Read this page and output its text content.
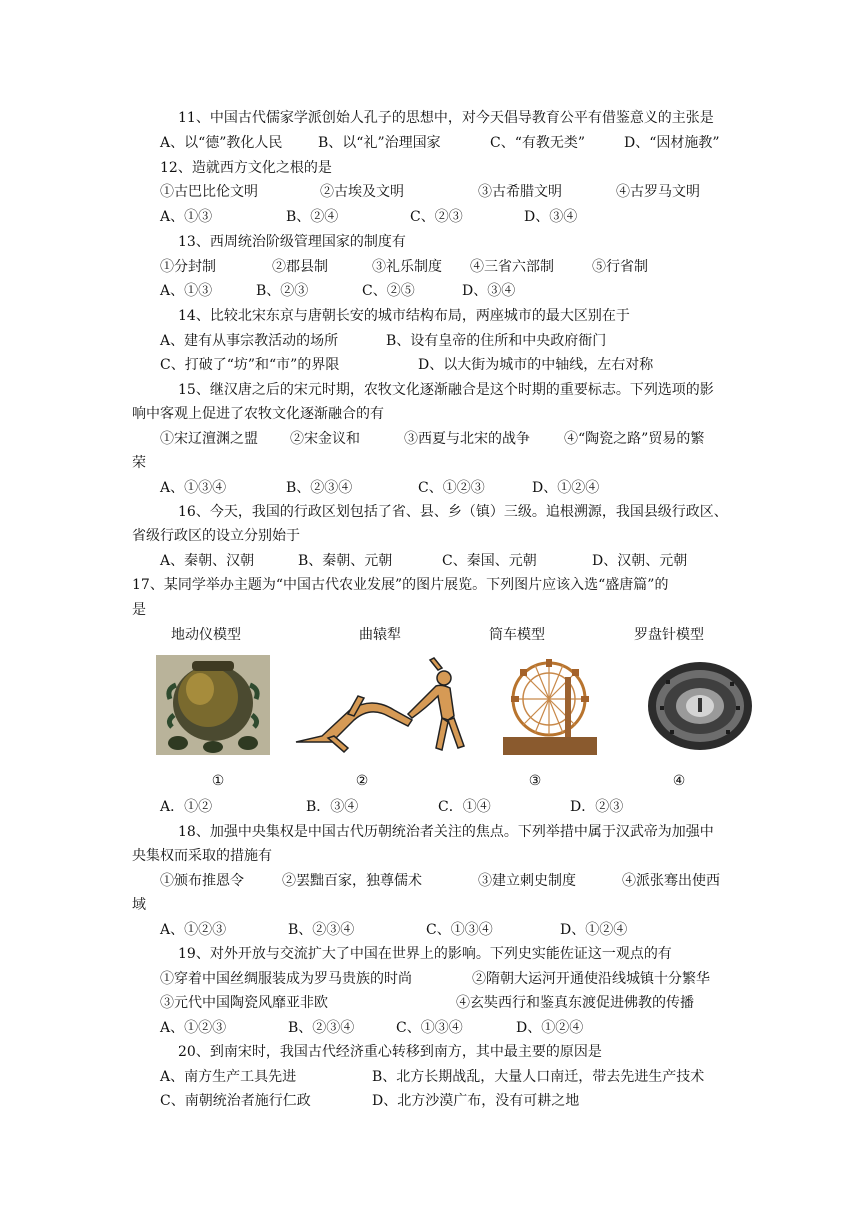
11、中国古代儒家学派创始人孔子的思想中，对今天倡导教育公平有借鉴意义的主张是
A、以“德”教化人民	B、以“礼”治理国家	C、“有教无类”	D、“因材施教”
12、造就西方文化之根的是
①古巴比伦文明	②古埃及文明	③古希腊文明	④古罗马文明
A、①③	B、②④	C、②③	D、③④
13、西周统治阶级管理国家的制度有
①分封制	②郡县制	③礼乐制度 ④三省六部制	⑤行省制
A、①③	B、②③	C、②⑤	D、③④
14、比较北宋东京与唐朝长安的城市结构布局，两座城市的最大区别在于
A、建有从事宗教活动的场所	B、设有皇帝的住所和中央政府衙门
C、打破了“坊”和“市”的界限	D、以大街为城市的中轴线，左右对称
15、继汉唐之后的宋元时期，农牧文化逐渐融合是这个时期的重要标志。下列选项的影
响中客观上促进了农牧文化逐渐融合的有
①宋辽澶渊之盟 ②宋金议和	③西夏与北宋的战争 ④“陶瓷之路”贸易的繁
荣
A、①③④	B、②③④	C、①②③	D、①②④
16、今天，我国的行政区划包括了省、县、乡（镇）三级。追根溯源，我国县级行政区、
省级行政区的设立分别始于
A、秦朝、汉朝	B、秦朝、元朝	C、秦国、元朝	D、汉朝、元朝
17、某同学举办主题为“中国古代农业发展”的图片展览。下列图片应该入选“盛唐篇”的
是
地动仪模型	曲辕犁	筒车模型	罗盘针模型
①	②	③	④
A．①②	B．③④	C．①④	D．②③
18、加强中央集权是中国古代历朝统治者关注的焦点。下列举措中属于汉武帝为加强中
央集权而采取的措施有
①颁布推恩令	②罢黜百家，独尊儒术	③建立刺史制度	④派张骞出使西
域
A、①②③	B、②③④	C、①③④	D、①②④
19、对外开放与交流扩大了中国在世界上的影响。下列史实能佐证这一观点的有
①穿着中国丝绸服装成为罗马贵族的时尚	②隋朝大运河开通使沿线城镇十分繁华
③元代中国陶瓷风靡亚非欧	④玄奘西行和鉴真东渡促进佛教的传播
A、①②③	B、②③④	C、①③④	D、①②④
20、到南宋时，我国古代经济重心转移到南方，其中最主要的原因是
A、南方生产工具先进	B、北方长期战乱，大量人口南迁，带去先进生产技术
C、南朝统治者施行仁政	D、北方沙漠广布，没有可耕之地
